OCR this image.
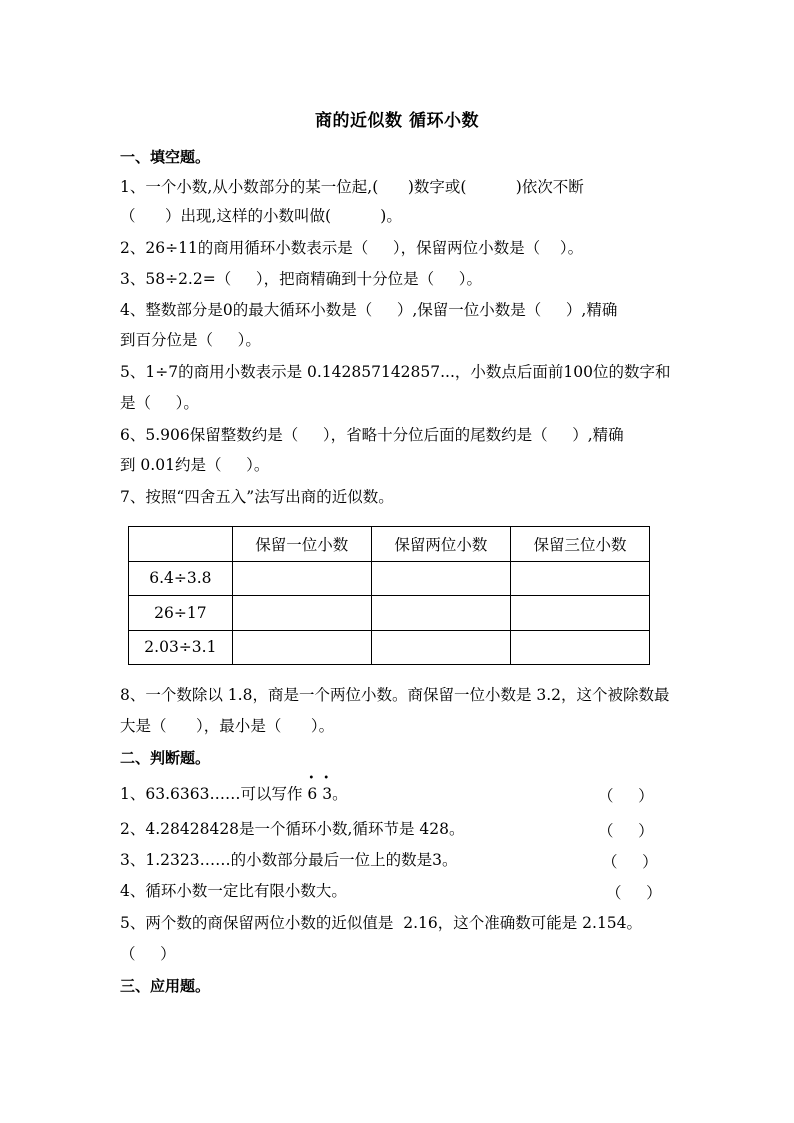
商的近似数 循环小数
一、填空题。
1、一个小数,从小数部分的某一位起,(      )数字或(          )依次不断
（      ）出现,这样的小数叫做(          )。
2、26÷11的商用循环小数表示是（     ），保留两位小数是（    ）。
3、58÷2.2=（     ），把商精确到十分位是（     ）。
4、整数部分是0的最大循环小数是（     ）,保留一位小数是（     ）,精确
到百分位是（     ）。
5、1÷7的商用小数表示是 0.142857142857...，小数点后面前100位的数字和
是（     ）。
6、5.906保留整数约是（     ），省略十分位后面的尾数约是（     ）,精确
到 0.01约是（     ）。
7、按照“四舍五入”法写出商的近似数。
	保留一位小数	保留两位小数	保留三位小数
6.4÷3.8			
26÷17			
2.03÷3.1			
8、一个数除以 1.8，商是一个两位小数。商保留一位小数是 3.2，这个被除数最
大是（      ），最小是（      ）。
二、判断题。
1、63.6363……可以写作 • 6 • 3。	（     ）
2、4.28428428是一个循环小数,循环节是 428。	（     ）
3、1.2323……的小数部分最后一位上的数是3。	（     ）
4、循环小数一定比有限小数大。	（     ）
5、两个数的商保留两位小数的近似值是  2.16，这个准确数可能是 2.154。
（     ）
三、应用题。
